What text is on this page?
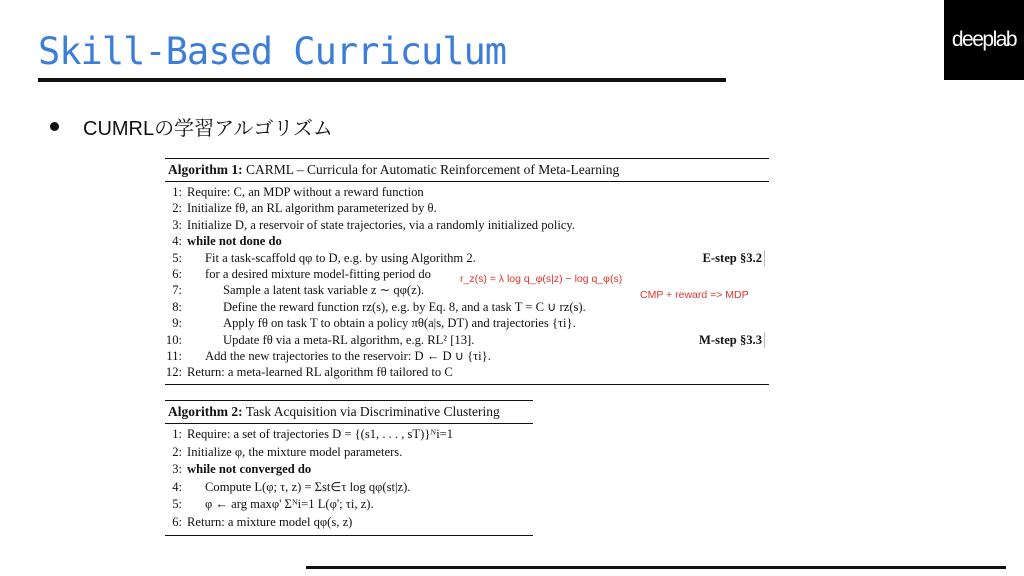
Skill-Based Curriculum	deeplab
CUMRLの学習アルゴリズム
Algorithm 1: CARML – Curricula for Automatic Reinforcement of Meta-Learning
1: Require: C, an MDP without a reward function
2: Initialize fθ, an RL algorithm parameterized by θ.
3: Initialize D, a reservoir of state trajectories, via a randomly initialized policy.
4: while not done do
5: Fit a task-scaffold qφ to D, e.g. by using Algorithm 2.	E-step §3.2
6: for a desired mixture model-fitting period do
7:	Sample a latent task variable z ∼ qφ(z).
8:	Define the reward function rz(s), e.g. by Eq. 8, and a task T = C ∪ rz(s).
9:	Apply fθ on task T to obtain a policy πθ(a|s, DT) and trajectories {τi}.
10:	Update fθ via a meta-RL algorithm, e.g. RL² [13].	M-step §3.3
11: Add the new trajectories to the reservoir: D ← D ∪ {τi}.
12: Return: a meta-learned RL algorithm fθ tailored to C
r_z(s) = λ log q_φ(s|z) − log q_φ(s)
CMP + reward => MDP
Algorithm 2: Task Acquisition via Discriminative Clustering
1: Require: a set of trajectories D = {(s1, . . . , sT)}ᴺi=1
2: Initialize φ, the mixture model parameters.
3: while not converged do
4: Compute L(φ; τ, z) = Σst∈τ log qφ(st|z).
5: φ ← arg maxφ' Σᴺi=1 L(φ'; τi, z).
6: Return: a mixture model qφ(s, z)
